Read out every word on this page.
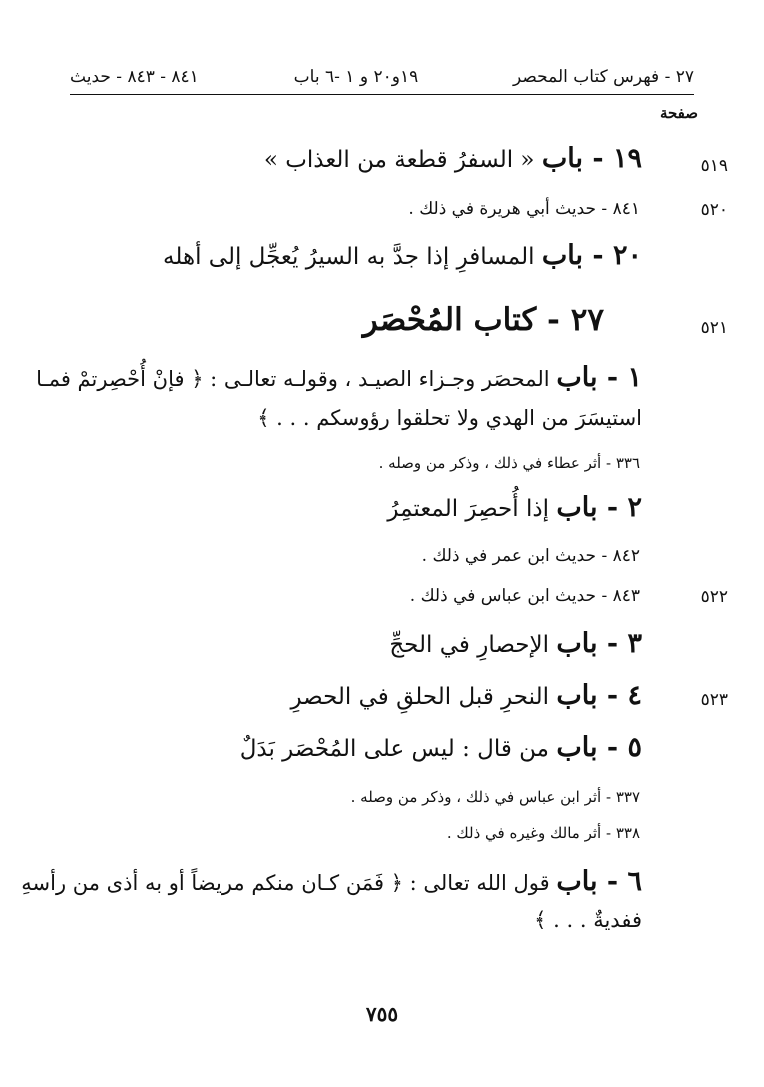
٢٧ - فهرس كتاب المحصر
١٩و٢٠ و ١ -٦ باب
٨٤١ - ٨٤٣ - حديث
صفحة
٥١٩
١٩ - باب « السفرُ قطعة من العذاب »
٥٢٠
٨٤١ - حديث أبي هريرة في ذلك .
٢٠ - باب المسافرِ إذا جدَّ به السيرُ يُعجِّل إلى أهله
٥٢١
٢٧ - كتاب المُحْصَر
١ - باب المحصَر وجـزاء الصيـد ، وقولـه تعالـى : ﴿ فإنْ أُحْصِرتمْ فمـا
استيسَرَ من الهدي ولا تحلقوا رؤوسكم . . . ﴾
٣٣٦ - أثر عطاء في ذلك ، وذكر من وصله .
٢ - باب إذا أُحصِرَ المعتمِرُ
٨٤٢ - حديث ابن عمر في ذلك .
٥٢٢
٨٤٣ - حديث ابن عباس في ذلك .
٣ - باب الإحصارِ في الحجِّ
٥٢٣
٤ - باب النحرِ قبل الحلقِ في الحصرِ
٥ - باب من قال : ليس على المُحْصَر بَدَلٌ
٣٣٧ - أثر ابن عباس في ذلك ، وذكر من وصله .
٣٣٨ - أثر مالك وغيره في ذلك .
٦ - باب قول الله تعالى : ﴿ فَمَن كـان منكم مريضاً أو به أذى من رأسهِ
ففديةٌ . . . ﴾
٧٥٥
